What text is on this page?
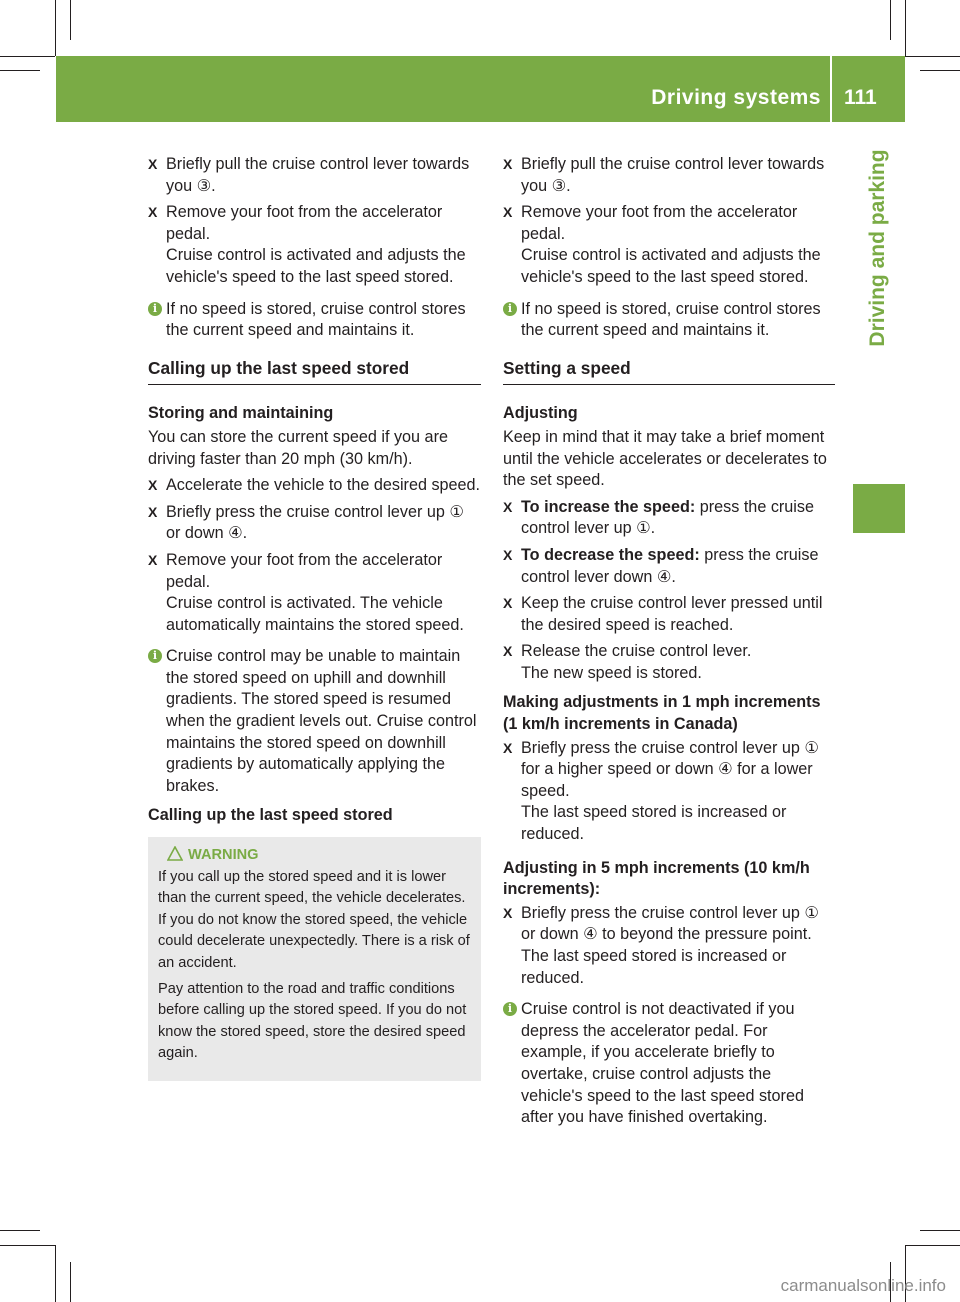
Driving systems 111
Driving and parking
X Briefly pull the cruise control lever towards you ③.
X Remove your foot from the accelerator pedal.
Cruise control is activated and adjusts the vehicle's speed to the last speed stored.
i If no speed is stored, cruise control stores the current speed and maintains it.
Calling up the last speed stored
Storing and maintaining
You can store the current speed if you are driving faster than 20 mph (30 km/h).
X Accelerate the vehicle to the desired speed.
X Briefly press the cruise control lever up ① or down ④.
X Remove your foot from the accelerator pedal.
Cruise control is activated. The vehicle automatically maintains the stored speed.
i Cruise control may be unable to maintain the stored speed on uphill and downhill gradients. The stored speed is resumed when the gradient levels out. Cruise control maintains the stored speed on downhill gradients by automatically applying the brakes.
Calling up the last speed stored
WARNING

If you call up the stored speed and it is lower than the current speed, the vehicle decelerates. If you do not know the stored speed, the vehicle could decelerate unexpectedly. There is a risk of an accident.

Pay attention to the road and traffic conditions before calling up the stored speed. If you do not know the stored speed, store the desired speed again.

X Briefly pull the cruise control lever towards you ③.
X Remove your foot from the accelerator pedal.
Cruise control is activated and adjusts the vehicle's speed to the last speed stored.
i If no speed is stored, cruise control stores the current speed and maintains it.
Setting a speed
Adjusting
Keep in mind that it may take a brief moment until the vehicle accelerates or decelerates to the set speed.
X To increase the speed: press the cruise control lever up ①.
X To decrease the speed: press the cruise control lever down ④.
X Keep the cruise control lever pressed until the desired speed is reached.
X Release the cruise control lever.
The new speed is stored.
Making adjustments in 1 mph increments (1 km/h increments in Canada)
X Briefly press the cruise control lever up ① for a higher speed or down ④ for a lower speed.
The last speed stored is increased or reduced.
Adjusting in 5 mph increments (10 km/h increments):
X Briefly press the cruise control lever up ① or down ④ to beyond the pressure point.
The last speed stored is increased or reduced.
i Cruise control is not deactivated if you depress the accelerator pedal. For example, if you accelerate briefly to overtake, cruise control adjusts the vehicle's speed to the last speed stored after you have finished overtaking.
carmanualsonline.info
